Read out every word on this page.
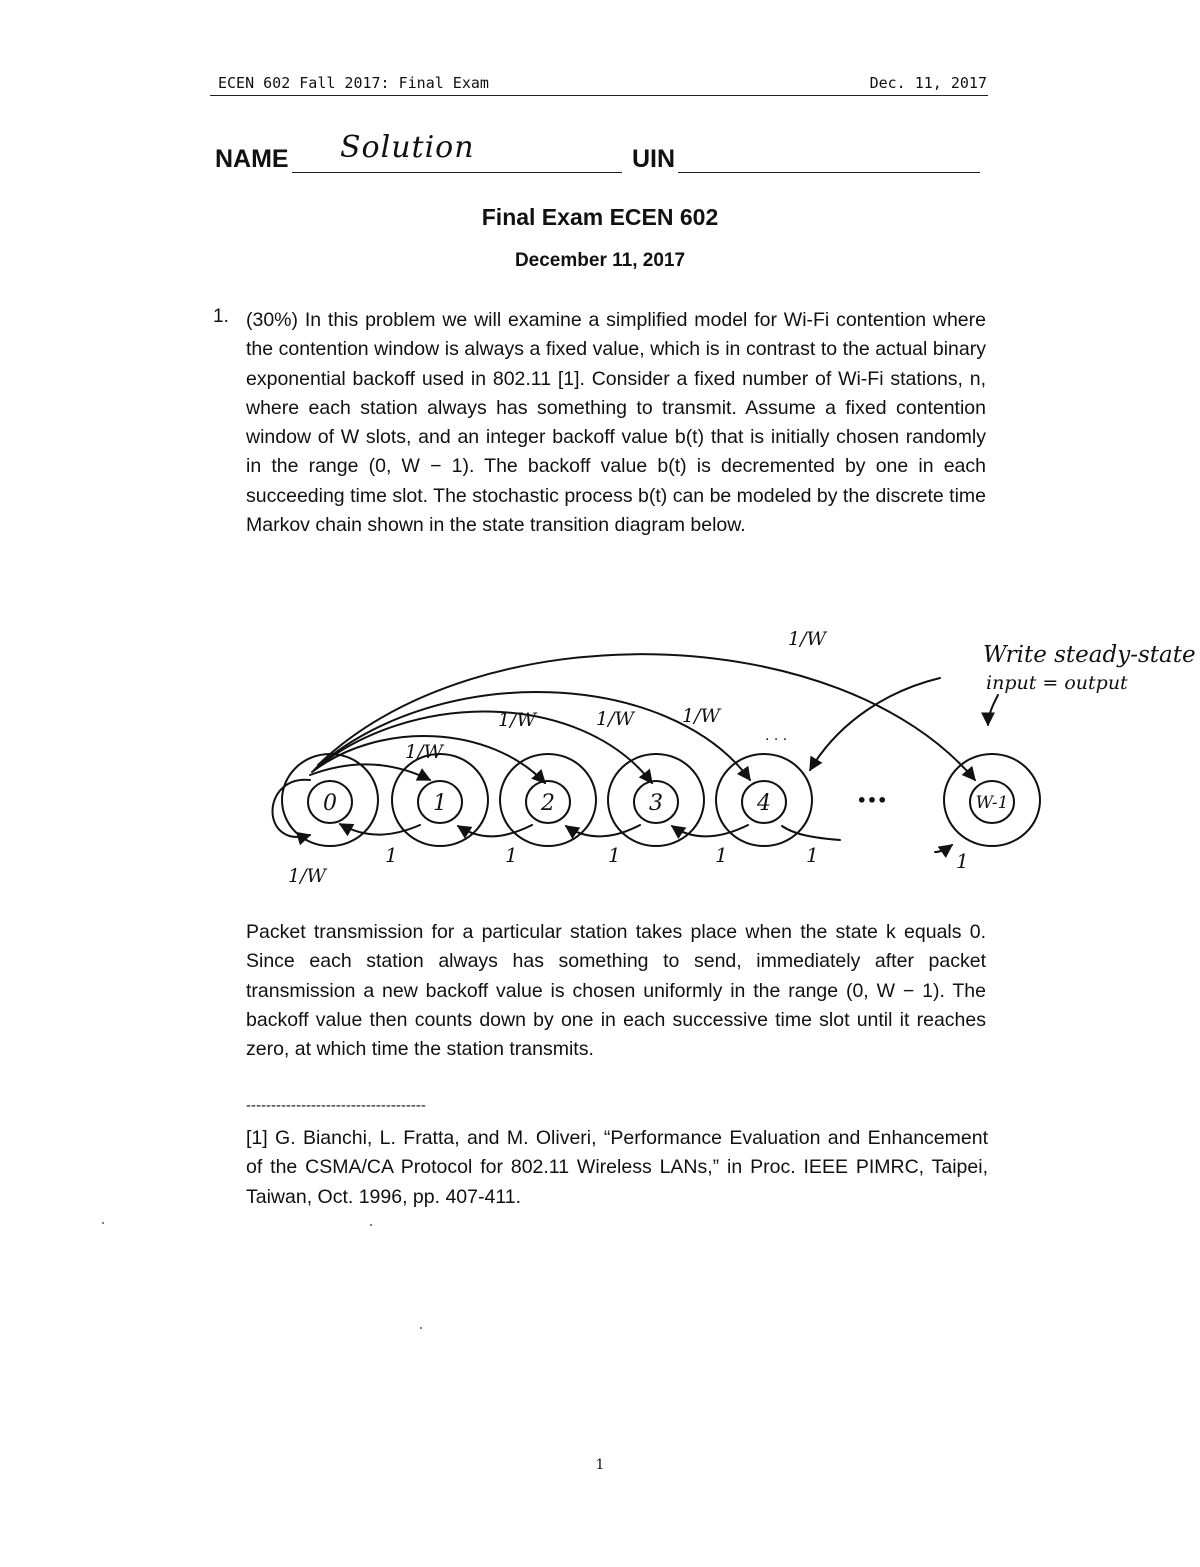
ECEN 602 Fall 2017: Final Exam	Dec. 11, 2017
NAME Solution	UIN
Final Exam ECEN 602
December 11, 2017
1. (30%) In this problem we will examine a simplified model for Wi-Fi contention where the contention window is always a fixed value, which is in contrast to the actual binary exponential backoff used in 802.11 [1]. Consider a fixed number of Wi-Fi stations, n, where each station always has something to transmit. Assume a fixed contention window of W slots, and an integer backoff value b(t) that is initially chosen randomly in the range (0, W − 1). The backoff value b(t) is decremented by one in each succeeding time slot. The stochastic process b(t) can be modeled by the discrete time Markov chain shown in the state transition diagram below.
0	1	2	3	4	W-1
•••
1/W
1/W
1/W	1/W	1/W
1/W
. . .
1	1	1	1	1	1
Write steady-state
input = output
Packet transmission for a particular station takes place when the state k equals 0. Since each station always has something to send, immediately after packet transmission a new backoff value is chosen uniformly in the range (0, W − 1). The backoff value then counts down by one in each successive time slot until it reaches zero, at which time the station transmits.
------------------------------------
[1] G. Bianchi, L. Fratta, and M. Oliveri, “Performance Evaluation and Enhancement of the CSMA/CA Protocol for 802.11 Wireless LANs,” in Proc. IEEE PIMRC, Taipei, Taiwan, Oct. 1996, pp. 407-411.
1
